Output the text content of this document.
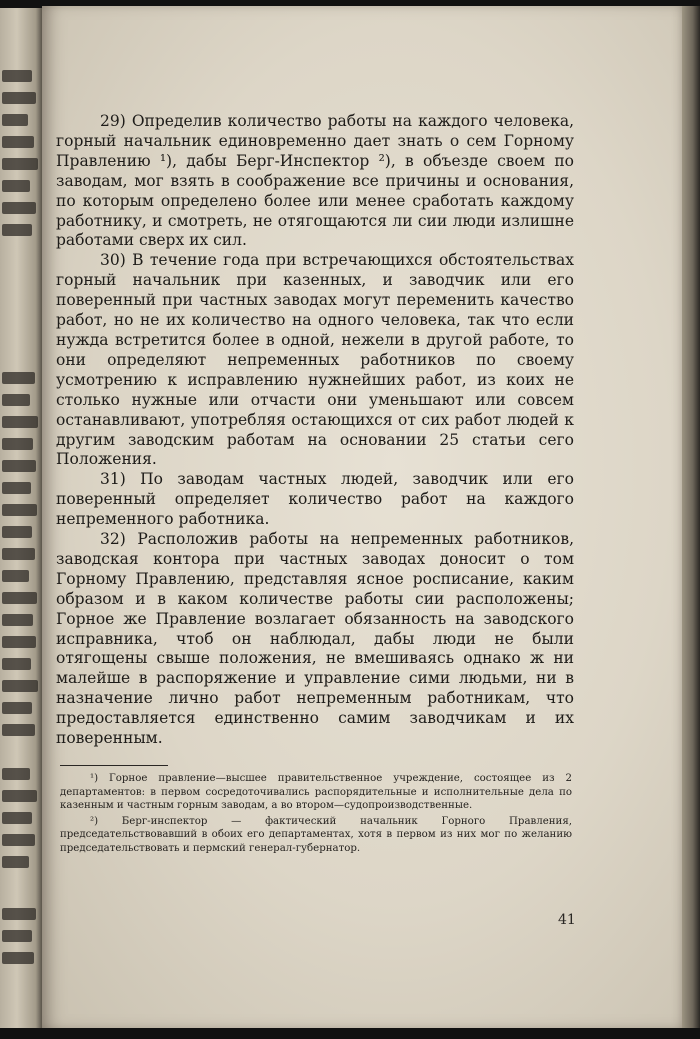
29) Определив количество работы на каждого человека, горный начальник единовременно дает знать о сем Горному Правлению ¹), дабы Берг-Инспектор ²), в объезде своем по заводам, мог взять в соображение все причины и основания, по которым определено более или менее сработать каждому работнику, и смотреть, не отягощаются ли сии люди излишне работами сверх их сил.

30) В течение года при встречающихся обстоятельствах горный начальник при казенных, и заводчик или его поверенный при частных заводах могут переменить качество работ, но не их количество на одного человека, так что если нужда встретится более в одной, нежели в другой работе, то они определяют непременных работников по своему усмотрению к исправлению нужнейших работ, из коих не столько нужные или отчасти они уменьшают или совсем останавливают, употребляя остающихся от сих работ людей к другим заводским работам на основании 25 статьи сего Положения.

31) По заводам частных людей, заводчик или его поверенный определяет количество работ на каждого непременного работника.

32) Расположив работы на непременных работников, заводская контора при частных заводах доносит о том Горному Правлению, представляя ясное росписание, каким образом и в каком количестве работы сии расположены; Горное же Правление возлагает обязанность на заводского исправника, чтоб он наблюдал, дабы люди не были отягощены свыше положения, не вмешиваясь однако ж ни малейше в распоряжение и управление сими людьми, ни в назначение лично работ непременным работникам, что предоставляется единственно самим заводчикам и их поверенным.

¹) Горное правление—высшее правительственное учреждение, состоящее из 2 департаментов: в первом сосредоточивались распорядительные и исполнительные дела по казенным и частным горным заводам, а во втором—судопроизводственные.

²) Берг-инспектор — фактический начальник Горного Правления, председательствовавший в обоих его департаментах, хотя в первом из них мог по желанию председательствовать и пермский генерал-губернатор.

41
